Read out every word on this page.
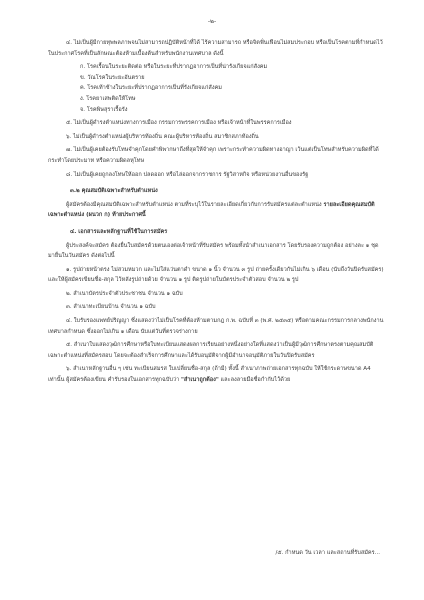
-๒-

๔. ไม่เป็นผู้มีกายทุพพลภาพจนไม่สามารถปฏิบัติหน้าที่ได้ ไร้ความสามารถ หรือจิตฟั่นเฟือนไม่สมประกอบ หรือเป็นโรคตามที่กำหนดไว้ในประกาศโรคที่เป็นลักษณะต้องห้ามเบื้องต้นสำหรับพนักงานเทศบาล ดังนี้

ก. โรคเรื้อนในระยะติดต่อ หรือในระยะที่ปรากฏอาการเป็นที่น่ารังเกียจแก่สังคม

ข. วัณโรคในระยะอันตราย

ค. โรคเท้าช้างในระยะที่ปรากฏอาการเป็นที่รังเกียจแก่สังคม

ง. โรคยาเสพติดให้โทษ

จ. โรคพิษสุราเรื้อรัง

๕. ไม่เป็นผู้ดำรงตำแหน่งทางการเมือง กรรมการพรรคการเมือง หรือเจ้าหน้าที่ในพรรคการเมือง

๖. ไม่เป็นผู้ดำรงตำแหน่งผู้บริหารท้องถิ่น คณะผู้บริหารท้องถิ่น สมาชิกสภาท้องถิ่น

๗. ไม่เป็นผู้เคยต้องรับโทษจำคุกโดยคำพิพากษาถึงที่สุดให้จำคุก เพราะกระทำความผิดทางอาญา เว้นแต่เป็นโทษสำหรับความผิดที่ได้กระทำโดยประมาท หรือความผิดลหุโทษ

๘. ไม่เป็นผู้เคยถูกลงโทษให้ออก ปลดออก หรือไล่ออกจากราชการ รัฐวิสาหกิจ หรือหน่วยงานอื่นของรัฐ

๓.๒ คุณสมบัติเฉพาะสำหรับตำแหน่ง

ผู้สมัครต้องมีคุณสมบัติเฉพาะสำหรับตำแหน่ง ตามที่ระบุไว้ในรายละเอียดเกี่ยวกับการรับสมัครแต่ละตำแหน่ง รายละเอียดคุณสมบัติเฉพาะตำแหน่ง (ผนวก ก) ท้ายประกาศนี้

๔. เอกสารและหลักฐานที่ใช้ในการสมัคร

ผู้ประสงค์จะสมัคร ต้องยื่นใบสมัครด้วยตนเองต่อเจ้าหน้าที่รับสมัคร พร้อมทั้งนำสำเนาเอกสาร โดยรับรองความถูกต้อง อย่างละ ๑ ชุด มายื่นในวันสมัคร ดังต่อไปนี้

๑. รูปถ่ายหน้าตรง ไม่สวมหมวก และไม่ใส่แว่นตาดำ ขนาด ๑ นิ้ว จำนวน ๓ รูป ถ่ายครั้งเดียวกันไม่เกิน ๖ เดือน (นับถึงวันปิดรับสมัคร) และให้ผู้สมัครเขียนชื่อ-สกุล ไว้หลังรูปถ่ายด้วย จำนวน ๑ รูป ติดรูปถ่ายในบัตรประจำตัวสอบ จำนวน ๒ รูป

๒. สำเนาบัตรประจำตัวประชาชน จำนวน ๑ ฉบับ

๓. สำเนาทะเบียนบ้าน จำนวน ๑ ฉบับ

๔. ใบรับรองแพทย์ปริญญา ซึ่งแสดงว่าไม่เป็นโรคที่ต้องห้ามตามกฎ ก.พ. ฉบับที่ ๓ (พ.ศ. ๒๕๓๕) หรือตามคณะกรรมการกลางพนักงานเทศบาลกำหนด ซึ่งออกไม่เกิน ๑ เดือน นับแต่วันที่ตรวจร่างกาย

๕. สำเนาใบแสดงวุฒิการศึกษาหรือใบทะเบียนแสดงผลการเรียนอย่างหนึ่งอย่างใดที่แสดงว่าเป็นผู้มีวุฒิการศึกษาตรงตามคุณสมบัติเฉพาะตำแหน่งที่สมัครสอบ โดยจะต้องสำเร็จการศึกษาและได้รับอนุมัติจากผู้มีอำนาจอนุมัติภายในวันปิดรับสมัคร

๖. สำเนาหลักฐานอื่น ๆ เช่น ทะเบียนสมรส ใบเปลี่ยนชื่อ-สกุล (ถ้ามี) ทั้งนี้ สำเนาภาพถ่ายเอกสารทุกฉบับ ให้ใช้กระดาษขนาด A4 เท่านั้น ผู้สมัครต้องเขียน คำรับรองในเอกสารทุกฉบับว่า "สำเนาถูกต้อง" และลงลายมือชื่อกำกับไว้ด้วย

/๕. กำหนด วัน เวลา และสถานที่รับสมัคร...
